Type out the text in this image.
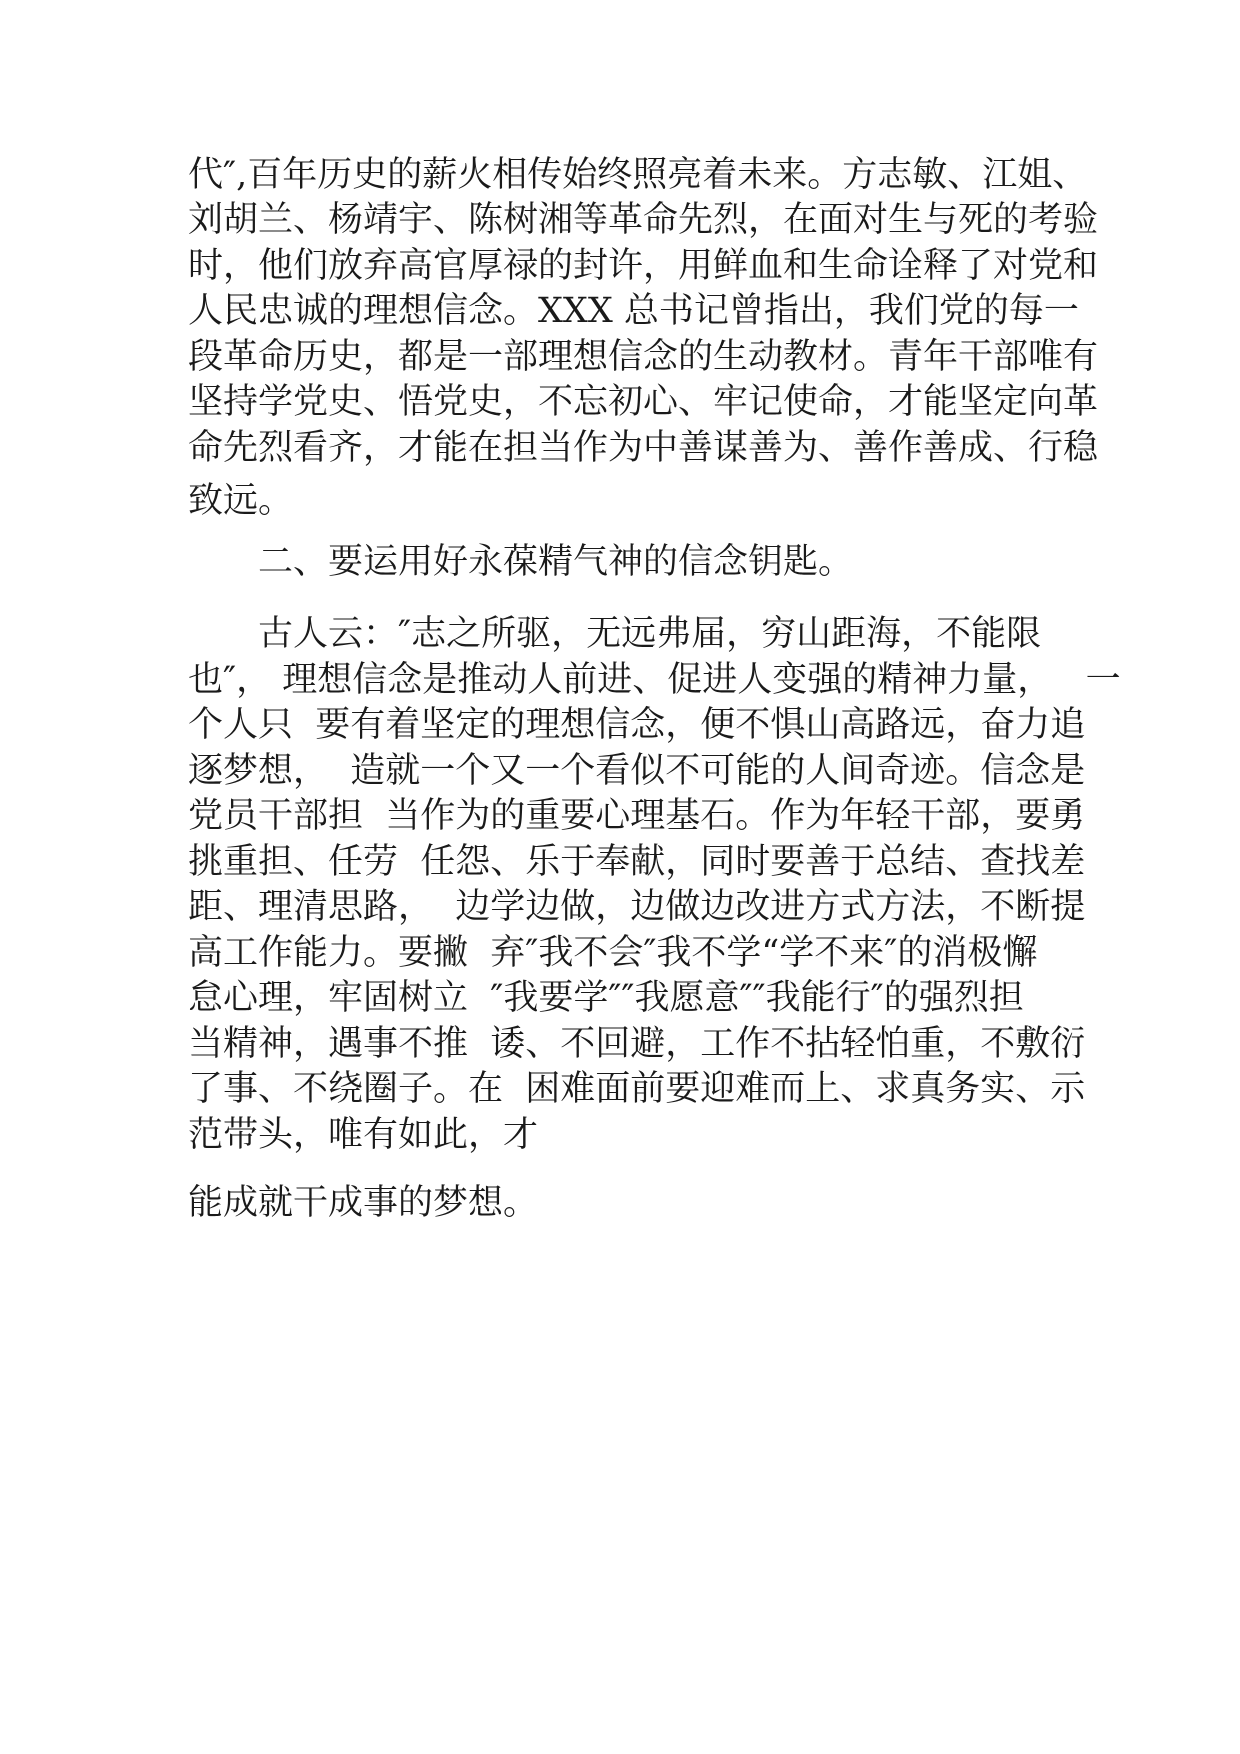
代″,百年历史的薪火相传始终照亮着未来。方志敏、江姐、
刘胡兰、杨靖宇、陈树湘等革命先烈，在面对生与死的考验
时，他们放弃高官厚禄的封许，用鲜血和生命诠释了对党和
人民忠诚的理想信念。XXX 总书记曾指出，我们党的每一
段革命历史，都是一部理想信念的生动教材。青年干部唯有
坚持学党史、悟党史，不忘初心、牢记使命，才能坚定向革
命先烈看齐，才能在担当作为中善谋善为、善作善成、行稳
致远。
二、要运用好永葆精气神的信念钥匙。
古人云：″志之所驱，无远弗届，穷山距海，不能限
也″， 理想信念是推动人前进、促进人变强的精神力量，   一
个人只  要有着坚定的理想信念，便不惧山高路远，奋力追
逐梦想，  造就一个又一个看似不可能的人间奇迹。信念是
党员干部担  当作为的重要心理基石。作为年轻干部，要勇
挑重担、任劳  任怨、乐于奉献，同时要善于总结、查找差
距、理清思路，  边学边做，边做边改进方式方法，不断提
高工作能力。要撇  弃″我不会″我不学“学不来″的消极懈
怠心理，牢固树立  ″我要学″″我愿意″″我能行″的强烈担
当精神，遇事不推  诿、不回避，工作不拈轻怕重，不敷衍
了事、不绕圈子。在  困难面前要迎难而上、求真务实、示
范带头，唯有如此，才
能成就干成事的梦想。
